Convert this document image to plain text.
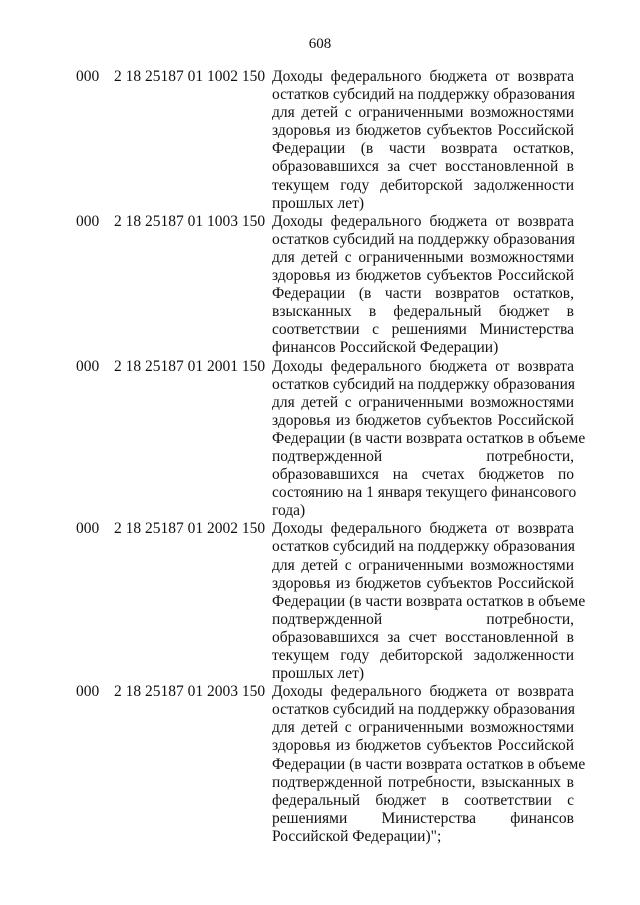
608
000 2 18 25187 01 1002 150 Доходы федерального бюджета от возврата
остатков субсидий на поддержку образования
для детей с ограниченными возможностями
здоровья из бюджетов субъектов Российской
Федерации (в части возврата остатков,
образовавшихся за счет восстановленной в
текущем году дебиторской задолженности
прошлых лет)
000 2 18 25187 01 1003 150 Доходы федерального бюджета от возврата
остатков субсидий на поддержку образования
для детей с ограниченными возможностями
здоровья из бюджетов субъектов Российской
Федерации (в части возвратов остатков,
взысканных в федеральный бюджет в
соответствии с решениями Министерства
финансов Российской Федерации)
000 2 18 25187 01 2001 150 Доходы федерального бюджета от возврата
остатков субсидий на поддержку образования
для детей с ограниченными возможностями
здоровья из бюджетов субъектов Российской
Федерации (в части возврата остатков в объеме
подтвержденной потребности,
образовавшихся на счетах бюджетов по
состоянию на 1 января текущего финансового
года)
000 2 18 25187 01 2002 150 Доходы федерального бюджета от возврата
остатков субсидий на поддержку образования
для детей с ограниченными возможностями
здоровья из бюджетов субъектов Российской
Федерации (в части возврата остатков в объеме
подтвержденной потребности,
образовавшихся за счет восстановленной в
текущем году дебиторской задолженности
прошлых лет)
000 2 18 25187 01 2003 150 Доходы федерального бюджета от возврата
остатков субсидий на поддержку образования
для детей с ограниченными возможностями
здоровья из бюджетов субъектов Российской
Федерации (в части возврата остатков в объеме
подтвержденной потребности, взысканных в
федеральный бюджет в соответствии с
решениями Министерства финансов
Российской Федерации)";
